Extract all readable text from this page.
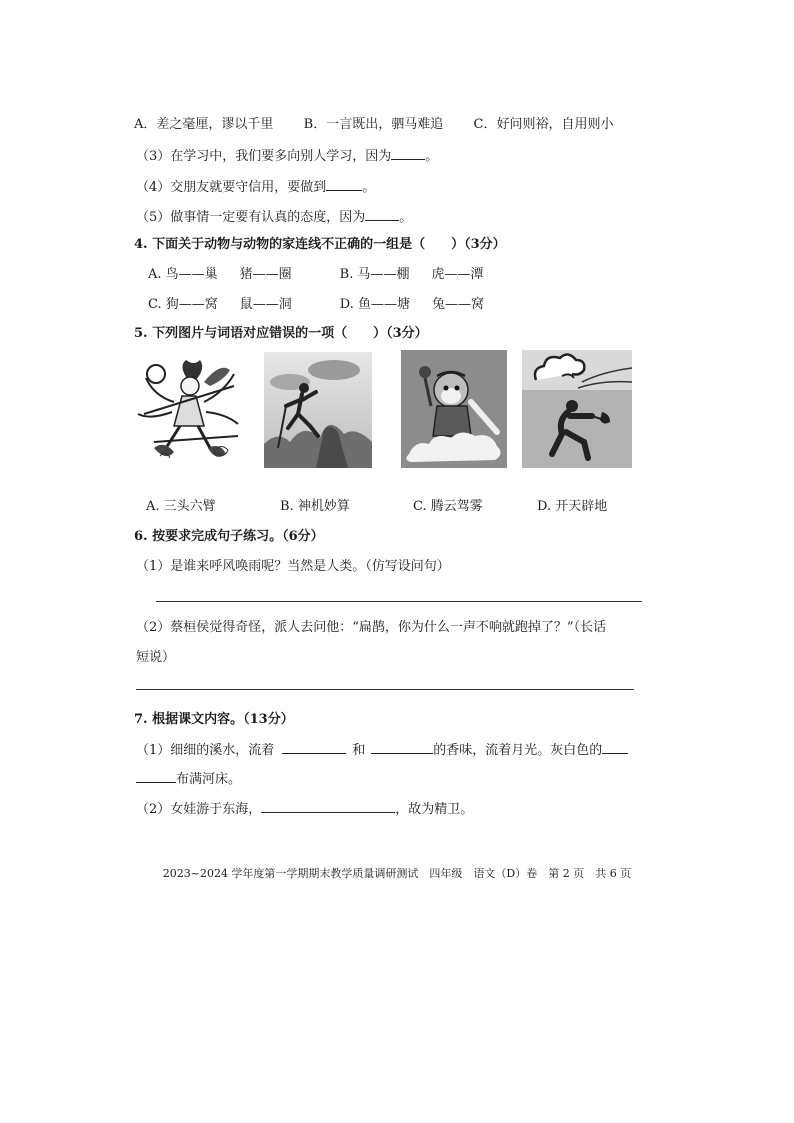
A．差之毫厘，谬以千里 B．一言既出，驷马难追 C．好问则裕，自用则小
（3）在学习中，我们要多向别人学习，因为	。
（4）交朋友就要守信用，要做到	。
（5）做事情一定要有认真的态度，因为	。
4. 下面关于动物与动物的家连线不正确的一组是（　　）（3分）
A. 鸟——巢 猪——圈	B. 马——棚 虎——潭
C. 狗——窝 鼠——洞	D. 鱼——塘 兔——窝
5. 下列图片与词语对应错误的一项（　　）（3分）
A. 三头六臂	B. 神机妙算	C. 腾云驾雾	D. 开天辟地
6. 按要求完成句子练习。（6分）
（1）是谁来呼风唤雨呢？当然是人类。（仿写设问句）
（2）蔡桓侯觉得奇怪，派人去问他：“扁鹊，你为什么一声不响就跑掉了？”（长话
短说）
7. 根据课文内容。（13分）
（1）细细的溪水，流着	和	的香味，流着月光。灰白色的
布满河床。
（2）女娃游于东海，	，故为精卫。
2023~2024 学年度第一学期期末教学质量调研测试　四年级　语文（D）卷　第 2 页　共 6 页
